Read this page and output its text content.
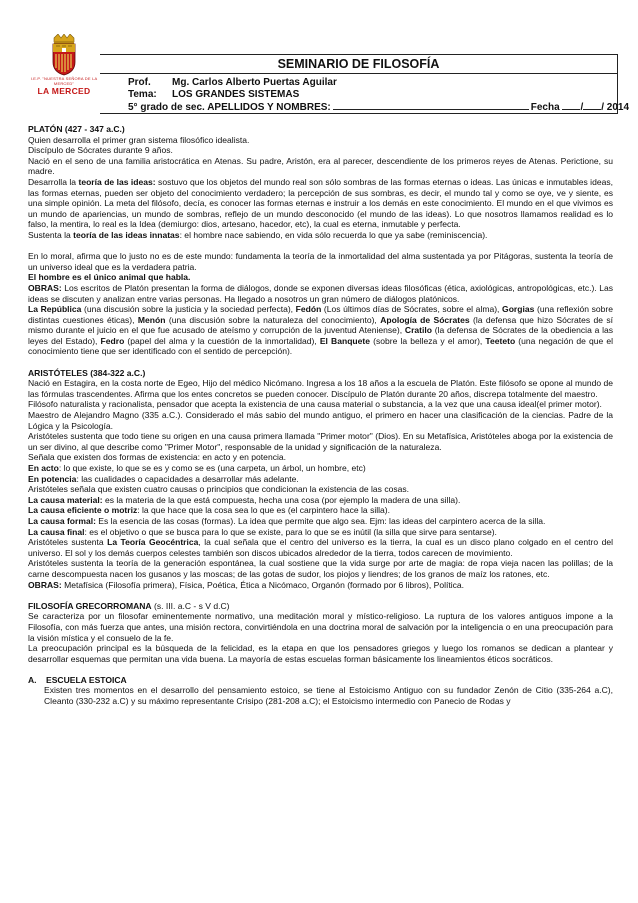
I.E.P. "NUESTRA SEÑORA DE LA MERCED"
LA MERCED
SEMINARIO DE FILOSOFÍA
Prof. Mg. Carlos Alberto Puertas Aguilar
Tema: LOS GRANDES SISTEMAS
5° grado de sec. APELLIDOS Y NOMBRES:	Fecha / / 2014

PLATÓN (427 - 347 a.C.)

Quien desarrolla el primer gran sistema filosófico idealista.

Discípulo de Sócrates durante 9 años.

Nació en el seno de una familia aristocrática en Atenas. Su padre, Aristón, era al parecer, descendiente de los primeros reyes de Atenas. Perictione, su madre.

Desarrolla la teoría de las ideas: sostuvo que los objetos del mundo real son sólo sombras de las formas eternas o ideas. Las únicas e inmutables ideas, las formas eternas, pueden ser objeto del conocimiento verdadero; la percepción de sus sombras, es decir, el mundo tal y como se oye, ve y siente, es una simple opinión. La meta del filósofo, decía, es conocer las formas eternas e instruir a los demás en este conocimiento. El mundo en el que vivimos es un mundo de apariencias, un mundo de sombras, reflejo de un mundo desconocido (el mundo de las ideas). Lo que nosotros llamamos realidad es lo falso, la mentira, lo real es la Idea (demiurgo: dios, artesano, hacedor, etc), la cual es eterna, inmutable y perfecta.

Sustenta la teoría de las ideas innatas: el hombre nace sabiendo, en vida sólo recuerda lo que ya sabe (reminiscencia).

En lo moral, afirma que lo justo no es de este mundo: fundamenta la teoría de la inmortalidad del alma sustentada ya por Pitágoras, sustenta la teoría de un universo ideal que es la verdadera patria.

El hombre es el único animal que habla.

OBRAS: Los escritos de Platón presentan la forma de diálogos, donde se exponen diversas ideas filosóficas (ética, axiológicas, antropológicas, etc.). Las ideas se discuten y analizan entre varias personas. Ha llegado a nosotros un gran número de diálogos platónicos.

La República (una discusión sobre la justicia y la sociedad perfecta), Fedón (Los últimos días de Sócrates, sobre el alma), Gorgias (una reflexión sobre distintas cuestiones éticas), Menón (una discusión sobre la naturaleza del conocimiento), Apología de Sócrates (la defensa que hizo Sócrates de sí mismo durante el juicio en el que fue acusado de ateísmo y corrupción de la juventud Ateniense), Cratilo (la defensa de Sócrates de la obediencia a las leyes del Estado), Fedro (papel del alma y la cuestión de la inmortalidad), El Banquete (sobre la belleza y el amor), Teeteto (una negación de que el conocimiento tiene que ser identificado con el sentido de percepción).

ARISTÓTELES (384-322 a.C.)

Nació en Estagira, en la costa norte de Egeo, Hijo del médico Nicómano. Ingresa a los 18 años a la escuela de Platón. Este filósofo se opone al mundo de las fórmulas trascendentes. Afirma que los entes concretos se pueden conocer. Discípulo de Platón durante 20 años, discrepa totalmente del maestro.

Filósofo naturalista y racionalista, pensador que acepta la existencia de una causa material o substancia, a la vez que una causa ideal(el primer motor).

Maestro de Alejandro Magno (335 a.C.). Considerado el más sabio del mundo antiguo, el primero en hacer una clasificación de la ciencias. Padre de la Lógica y la Psicología.

Aristóteles sustenta que todo tiene su origen en una causa primera llamada "Primer motor" (Dios). En su Metafísica, Aristóteles aboga por la existencia de un ser divino, al que describe como "Primer Motor", responsable de la unidad y significación de la naturaleza.

Señala que existen dos formas de existencia: en acto y en potencia.

En acto: lo que existe, lo que se es y como se es (una carpeta, un árbol, un hombre, etc)

En potencia: las cualidades o capacidades a desarrollar más adelante.

Aristóteles señala que existen cuatro causas o principios que condicionan la existencia de las cosas.

La causa material: es la materia de la que está compuesta, hecha una cosa (por ejemplo la madera de una silla).

La causa eficiente o motriz: la que hace que la cosa sea lo que es (el carpintero hace la silla).

La causa formal: Es la esencia de las cosas (formas). La idea que permite que algo sea. Ejm: las ideas del carpintero acerca de la silla.

La causa final: es el objetivo o que se busca para lo que se existe, para lo que se es inútil (la silla que sirve para sentarse).

Aristóteles sustenta La Teoría Geocéntrica, la cual señala que el centro del universo es la tierra, la cual es un disco plano colgado en el centro del universo. El sol y los demás cuerpos celestes también son discos ubicados alrededor de la tierra, todos carecen de movimiento.

Aristóteles sustenta la teoría de la generación espontánea, la cual sostiene que la vida surge por arte de magia: de ropa vieja nacen las polillas; de la carne descompuesta nacen los gusanos y las moscas; de las gotas de sudor, los piojos y liendres; de los granos de maíz los ratones, etc.

OBRAS: Metafísica (Filosofía primera), Física, Poética, Ética a Nicómaco, Organón (formado por 6 libros), Política.

FILOSOFÍA GRECORROMANA (s. III. a.C - s V d.C)

Se caracteriza por un filosofar eminentemente normativo, una meditación moral y místico-religioso. La ruptura de los valores antiguos impone a la Filosofía, con más fuerza que antes, una misión rectora, convirtiéndola en una doctrina moral de salvación por la inteligencia o en una preocupación para la visión mística y el consuelo de la fe.

La preocupación principal es la búsqueda de la felicidad, es la etapa en que los pensadores griegos y luego los romanos se dedican a plantear y desarrollar esquemas que permitan una vida buena. La mayoría de estas escuelas forman básicamente los lineamientos éticos socráticos.

A. ESCUELA ESTOICA

Existen tres momentos en el desarrollo del pensamiento estoico, se tiene al Estoicismo Antiguo con su fundador Zenón de Citio (335-264 a.C), Cleanto (330-232 a.C) y su máximo representante Crisipo (281-208 a.C); el Estoicismo intermedio con Panecio de Rodas y
